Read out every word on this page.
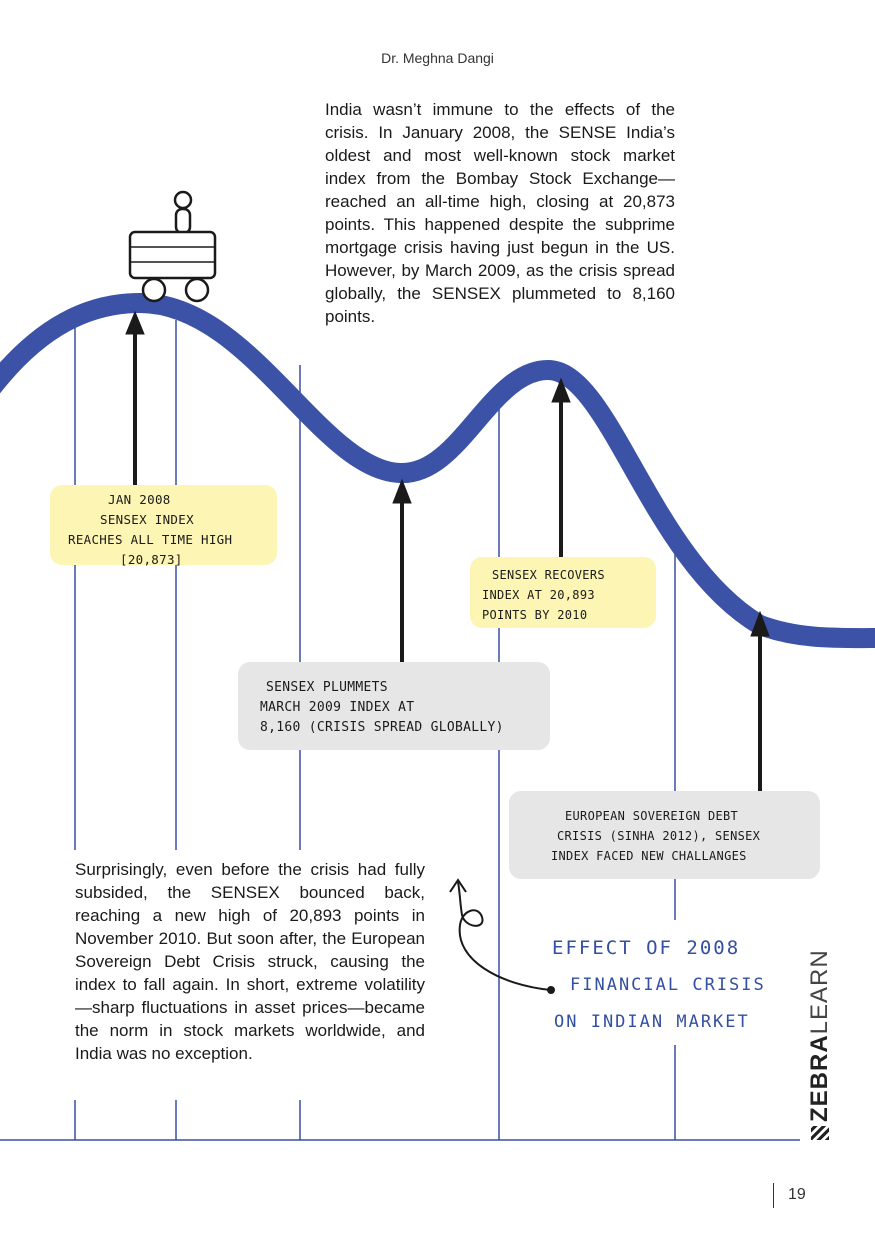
Dr. Meghna Dangi
India wasn’t immune to the effects of the crisis. In January 2008, the SENSE India’s oldest and most well-known stock market index from the Bombay Stock Exchange—reached an all-time high, closing at 20,873 points. This happened despite the subprime mortgage crisis having just begun in the US. However, by March 2009, as the crisis spread globally, the SENSEX plummeted to 8,160 points.
JAN 2008
SENSEX INDEX
REACHES ALL TIME HIGH
[20,873]
SENSEX RECOVERS
INDEX AT 20,893
POINTS BY 2010
SENSEX PLUMMETS
MARCH 2009 INDEX AT
8,160 (CRISIS SPREAD GLOBALLY)
EUROPEAN SOVEREIGN DEBT
CRISIS (SINHA 2012), SENSEX
INDEX FACED NEW CHALLANGES
Surprisingly, even before the crisis had fully subsided, the SENSEX bounced back, reaching a new high of 20,893 points in November 2010. But soon after, the European Sovereign Debt Crisis struck, causing the index to fall again. In short, extreme volatility—sharp fluctuations in asset prices—became the norm in stock markets worldwide, and India was no exception.
EFFECT OF 2008
FINANCIAL CRISIS
ON INDIAN MARKET
ZEBRALEARN
19
